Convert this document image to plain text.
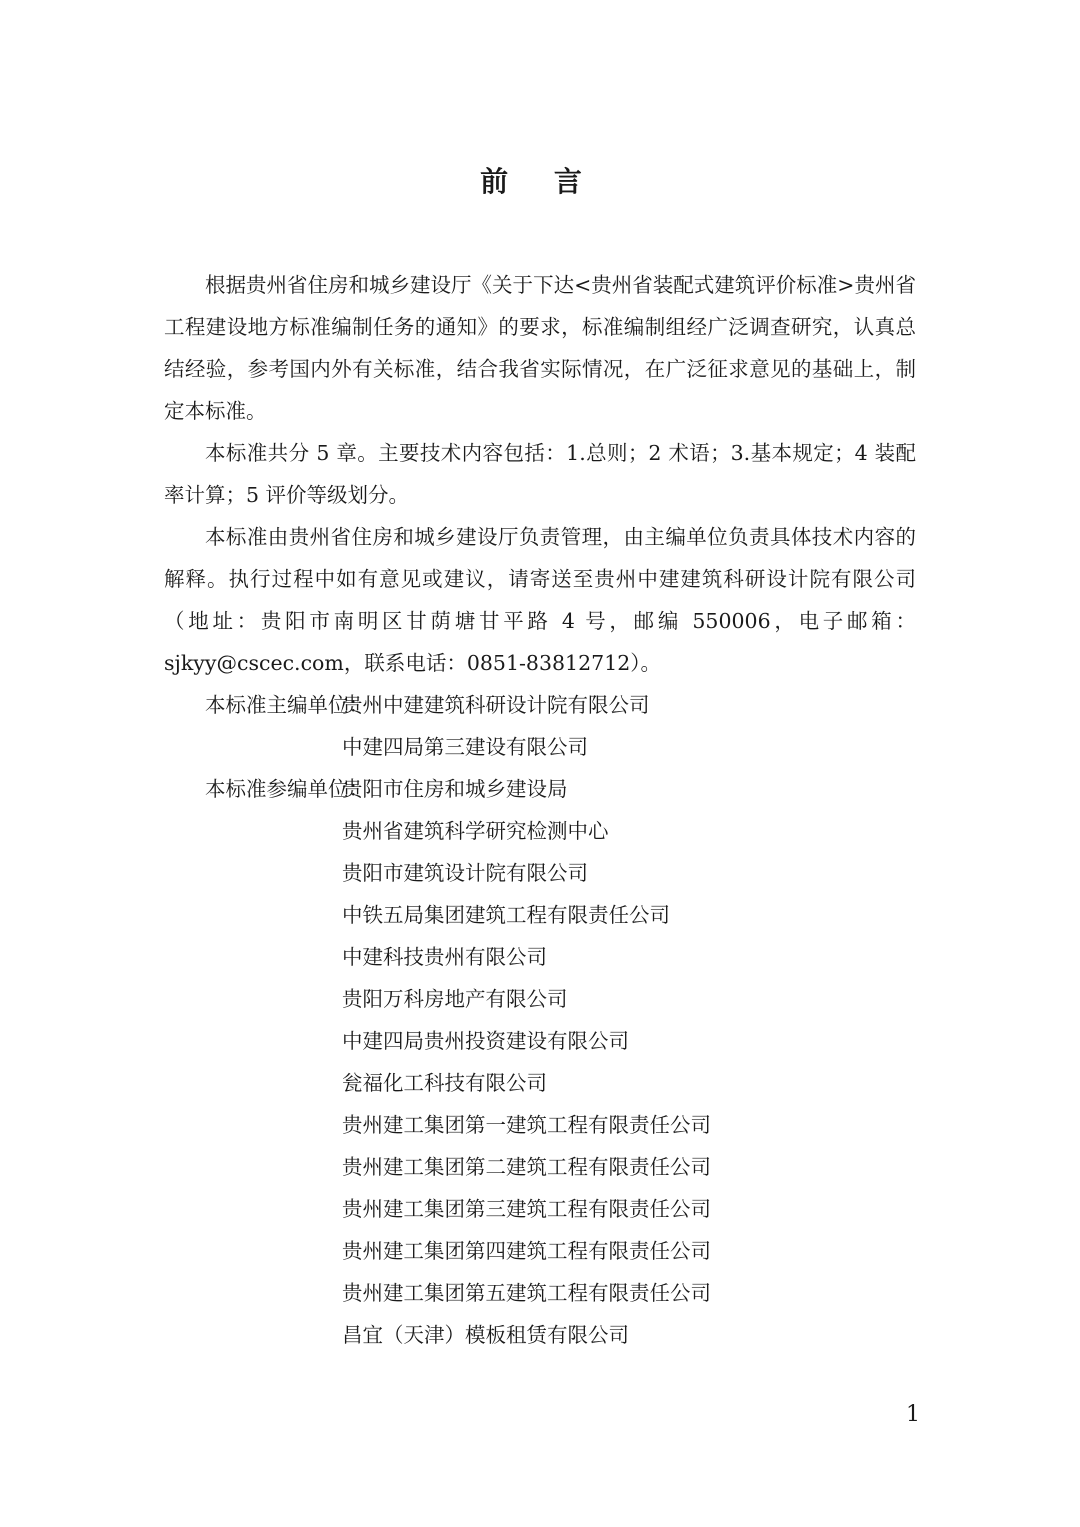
前 言

根据贵州省住房和城乡建设厅《关于下达<贵州省装配式建筑评价标准>贵州省工程建设地方标准编制任务的通知》的要求，标准编制组经广泛调查研究，认真总结经验，参考国内外有关标准，结合我省实际情况，在广泛征求意见的基础上，制定本标准。

本标准共分 5 章。主要技术内容包括：1.总则；2 术语；3.基本规定；4 装配率计算；5 评价等级划分。

本标准由贵州省住房和城乡建设厅负责管理，由主编单位负责具体技术内容的解释。执行过程中如有意见或建议，请寄送至贵州中建建筑科研设计院有限公司（地址：贵阳市南明区甘荫塘甘平路 4 号，邮编 550006，电子邮箱：sjkyy@cscec.com，联系电话：0851-83812712）。

本标准主编单位：
贵州中建建筑科研设计院有限公司
中建四局第三建设有限公司
本标准参编单位：
贵阳市住房和城乡建设局
贵州省建筑科学研究检测中心
贵阳市建筑设计院有限公司
中铁五局集团建筑工程有限责任公司
中建科技贵州有限公司
贵阳万科房地产有限公司
中建四局贵州投资建设有限公司
瓮福化工科技有限公司
贵州建工集团第一建筑工程有限责任公司
贵州建工集团第二建筑工程有限责任公司
贵州建工集团第三建筑工程有限责任公司
贵州建工集团第四建筑工程有限责任公司
贵州建工集团第五建筑工程有限责任公司
昌宜（天津）模板租赁有限公司
1
